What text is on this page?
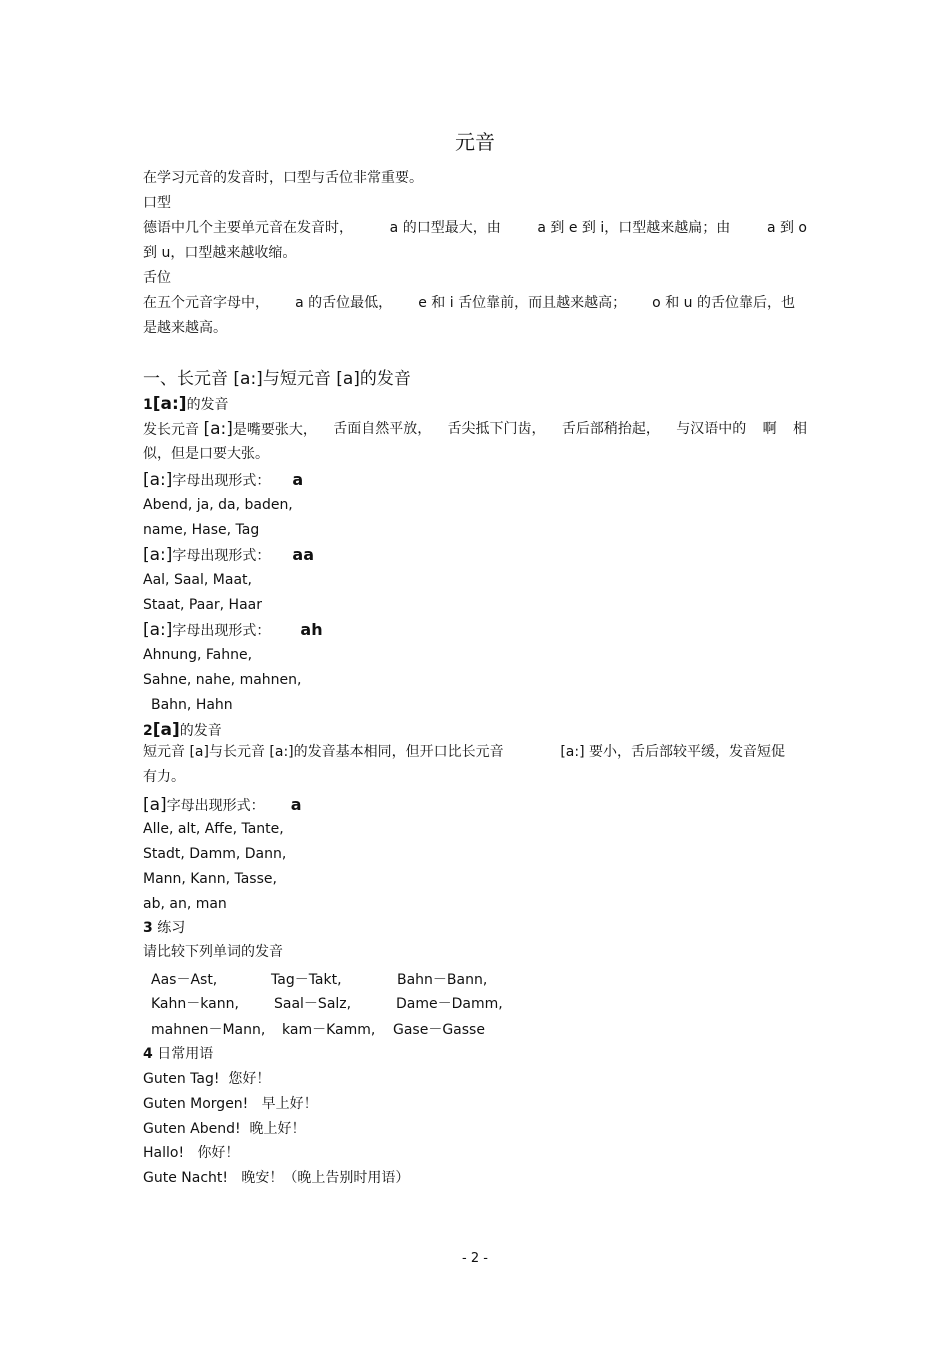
元音
在学习元音的发音时，口型与舌位非常重要。
口型
德语中几个主要单元音在发音时，	a 的口型最大，由	a 到 e 到 i，口型越来越扁；由	a 到 o
到 u，口型越来越收缩。
舌位
在五个元音字母中， a 的舌位最低， e 和 i 舌位靠前，而且越来越高； o 和 u 的舌位靠后，也
是越来越高。
一、长元音 [a:]与短元音 [a]的发音
1[a:]的发音
发长元音 [a:]是嘴要张大， 舌面自然平放， 舌尖抵下门齿， 舌后部稍抬起， 与汉语中的 啊 相
似，但是口要大张。
[a:]字母出现形式： a
Abend, ja, da, baden,
name, Hase, Tag
[a:]字母出现形式： aa
Aal, Saal, Maat,
Staat, Paar, Haar
[a:]字母出现形式： ah
Ahnung, Fahne,
Sahne, nahe, mahnen,
Bahn, Hahn
2[a]的发音
短元音 [a]与长元音 [a:]的发音基本相同，但开口比长元音	[a:] 要小，舌后部较平缓，发音短促
有力。
[a]字母出现形式： a
Alle, alt, Affe, Tante,
Stadt, Damm, Dann,
Mann, Kann, Tasse,
ab, an, man
3 练习
请比较下列单词的发音
Aas－Ast,	Tag－Takt,	Bahn－Bann,
Kahn－kann,	Saal－Salz,	Dame－Damm,
mahnen－Mann, kam－Kamm, Gase－Gasse
4 日常用语
Guten Tag! 您好！
Guten Morgen! 早上好！
Guten Abend! 晚上好！
Hallo! 你好！
Gute Nacht! 晚安！（晚上告别时用语）
- 2 -
